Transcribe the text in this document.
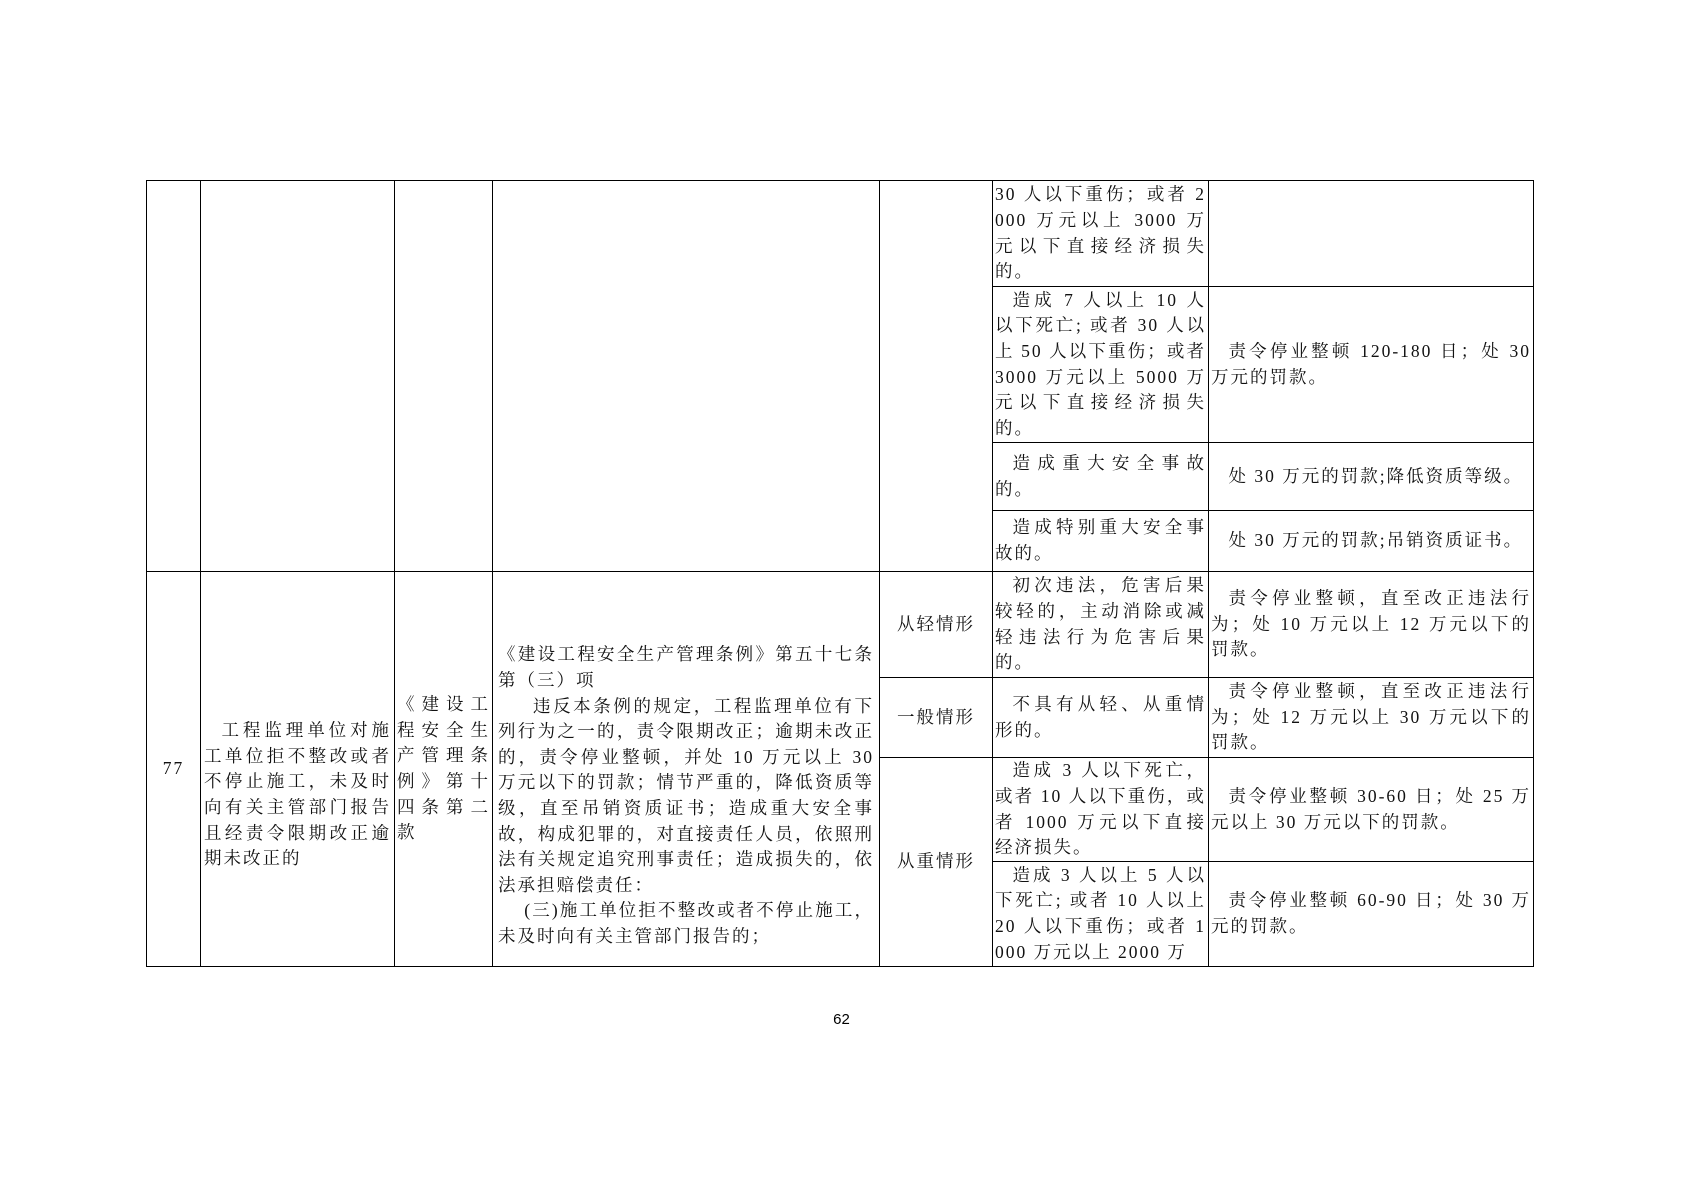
30 人以下重伤；或者 2000 万元以上 3000 万元以下直接经济损失的。
造成 7 人以上 10 人以下死亡; 或者 30 人以上 50 人以下重伤；或者 3000 万元以上 5000 万元以下直接经济损失的。
责令停业整顿 120-180 日；处 30 万元的罚款。
造成重大安全事故的。
处 30 万元的罚款;降低资质等级。
造成特别重大安全事故的。
处 30 万元的罚款;吊销资质证书。
77
工程监理单位对施工单位拒不整改或者不停止施工，未及时向有关主管部门报告且经责令限期改正逾期未改正的
《建设工程安全生产管理条例》第十四条第二款
《建设工程安全生产管理条例》第五十七条第（三）项
违反本条例的规定，工程监理单位有下列行为之一的，责令限期改正；逾期未改正的，责令停业整顿，并处 10 万元以上 30 万元以下的罚款；情节严重的，降低资质等级，直至吊销资质证书；造成重大安全事故，构成犯罪的，对直接责任人员，依照刑法有关规定追究刑事责任；造成损失的，依法承担赔偿责任：
(三)施工单位拒不整改或者不停止施工，未及时向有关主管部门报告的；
从轻情形
一般情形
从重情形
初次违法，危害后果较轻的，主动消除或减轻违法行为危害后果的。
责令停业整顿，直至改正违法行为；处 10 万元以上 12 万元以下的罚款。
不具有从轻、从重情形的。
责令停业整顿，直至改正违法行为；处 12 万元以上 30 万元以下的罚款。
造成 3 人以下死亡，或者 10 人以下重伤，或者 1000 万元以下直接经济损失。
责令停业整顿 30-60 日；处 25 万元以上 30 万元以下的罚款。
造成 3 人以上 5 人以下死亡; 或者 10 人以上 20 人以下重伤；或者 1000 万元以上 2000 万
责令停业整顿 60-90 日；处 30 万元的罚款。
62
